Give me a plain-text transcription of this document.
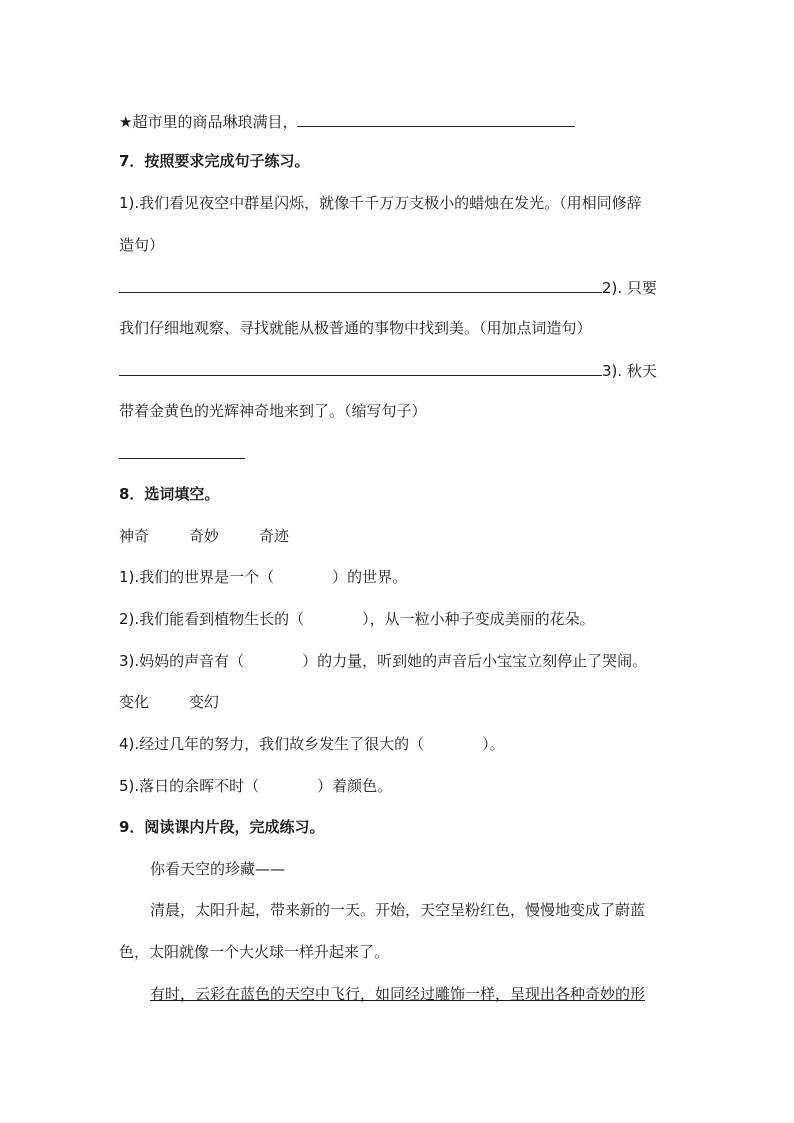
★超市里的商品琳琅满目，
7．按照要求完成句子练习。
1).我们看见夜空中群星闪烁，就像千千万万支极小的蜡烛在发光。（用相同修辞
造句）
2). 只要
我们仔细地观察、寻找就能从极普通的事物中找到美。（用加点词造句）
3). 秋天
带着金黄色的光辉神奇地来到了。（缩写句子）
8．选词填空。
神奇	奇妙	奇迹
1).我们的世界是一个（	）的世界。
2).我们能看到植物生长的（	），从一粒小种子变成美丽的花朵。
3).妈妈的声音有（	）的力量，听到她的声音后小宝宝立刻停止了哭闹。
变化	变幻
4).经过几年的努力，我们故乡发生了很大的（	）。
5).落日的余晖不时（	）着颜色。
9．阅读课内片段，完成练习。
你看天空的珍藏——
清晨，太阳升起，带来新的一天。开始，天空呈粉红色，慢慢地变成了蔚蓝
色，太阳就像一个大火球一样升起来了。
有时，云彩在蓝色的天空中飞行，如同经过雕饰一样，呈现出各种奇妙的形
